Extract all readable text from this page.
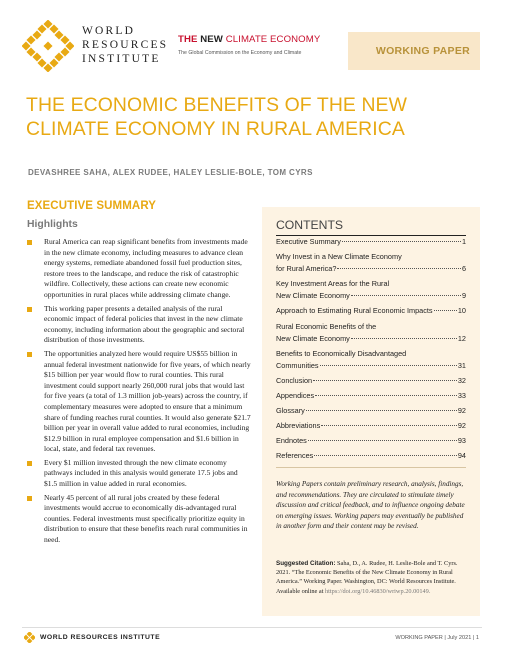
WORLD
RESOURCES
INSTITUTE
THE NEW CLIMATE ECONOMY
The Global Commission on the Economy and Climate	WORKING PAPER
THE ECONOMIC BENEFITS OF THE NEW CLIMATE ECONOMY IN RURAL AMERICA
DEVASHREE SAHA, ALEX RUDEE, HALEY LESLIE-BOLE, TOM CYRS
EXECUTIVE SUMMARY
Highlights
Rural America can reap significant benefits from investments made in the new climate economy, including measures to advance clean energy systems, remediate abandoned fossil fuel production sites, restore trees to the landscape, and reduce the risk of catastrophic wildfire. Collectively, these actions can create new economic opportunities in rural places while addressing climate change.
This working paper presents a detailed analysis of the rural economic impact of federal policies that invest in the new climate economy, including information about the geographic and sectoral distribution of those investments.
The opportunities analyzed here would require US$55 billion in annual federal investment nationwide for five years, of which nearly $15 billion per year would flow to rural counties. This rural investment could support nearly 260,000 rural jobs that would last for five years (a total of 1.3 million job-years) across the country, if complementary measures were adopted to ensure that a minimum share of funding reaches rural counties. It would also generate $21.7 billion per year in overall value added to rural economies, including $12.9 billion in rural employee compensation and $1.6 billion in local, state, and federal tax revenues.
Every $1 million invested through the new climate economy pathways included in this analysis would generate 17.5 jobs and $1.5 million in value added in rural economies.
Nearly 45 percent of all rural jobs created by these federal investments would accrue to economically dis-advantaged rural counties. Federal investments must specifically prioritize equity in distribution to ensure that these benefits reach rural communities in need.
CONTENTS
Executive Summary	1
Why Invest in a New Climate Economy
for Rural America?	6
Key Investment Areas for the Rural
New Climate Economy	9
Approach to Estimating Rural Economic Impacts	10
Rural Economic Benefits of the
New Climate Economy	12
Benefits to Economically Disadvantaged
Communities	31
Conclusion	32
Appendices	33
Glossary	92
Abbreviations	92
Endnotes	93
References	94

Working Papers contain preliminary research, analysis, findings, and recommendations. They are circulated to stimulate timely discussion and critical feedback, and to influence ongoing debate on emerging issues. Working papers may eventually be published in another form and their content may be revised.

Suggested Citation: Saha, D., A. Rudee, H. Leslie-Bole and T. Cyrs. 2021. “The Economic Benefits of the New Climate Economy in Rural America.” Working Paper. Washington, DC: World Resources Institute. Available online at https://doi.org/10.46830/wriwp.20.00149.

WORLD RESOURCES INSTITUTE	WORKING PAPER | July 2021 | 1
